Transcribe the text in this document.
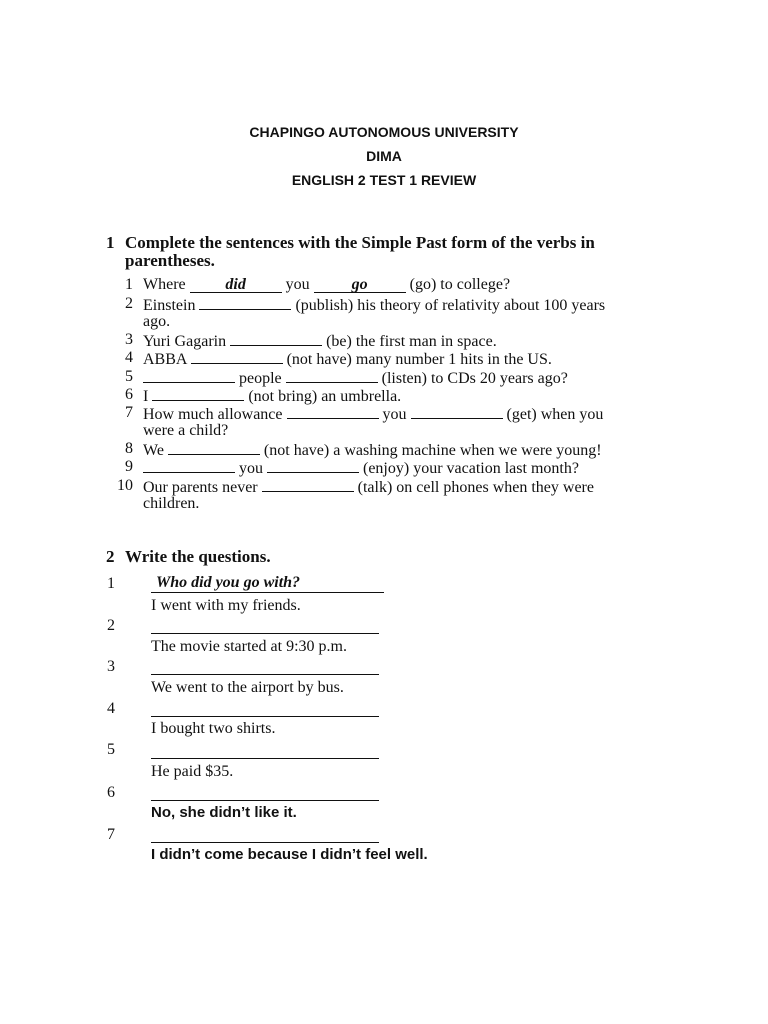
CHAPINGO AUTONOMOUS UNIVERSITY
DIMA
ENGLISH 2 TEST 1 REVIEW
1 Complete the sentences with the Simple Past form of the verbs in parentheses.
1 Where did you	go	(go) to college?
2 Einstein	(publish) his theory of relativity about 100 years
ago.
3 Yuri Gagarin	(be) the first man in space.
4 ABBA	(not have) many number 1 hits in the US.
5	people	(listen) to CDs 20 years ago?
6 I	(not bring) an umbrella.
7 How much allowance	you	(get) when you
were a child?
8 We	(not have) a washing machine when we were young!
9	you	(enjoy) your vacation last month?
10 Our parents never	(talk) on cell phones when they were
children.
2 Write the questions.
1	Who did you go with?
I went with my friends.
2
The movie started at 9:30 p.m.
3
We went to the airport by bus.
4
I bought two shirts.
5
He paid $35.
6
No, she didn’t like it.
7
I didn’t come because I didn’t feel well.
